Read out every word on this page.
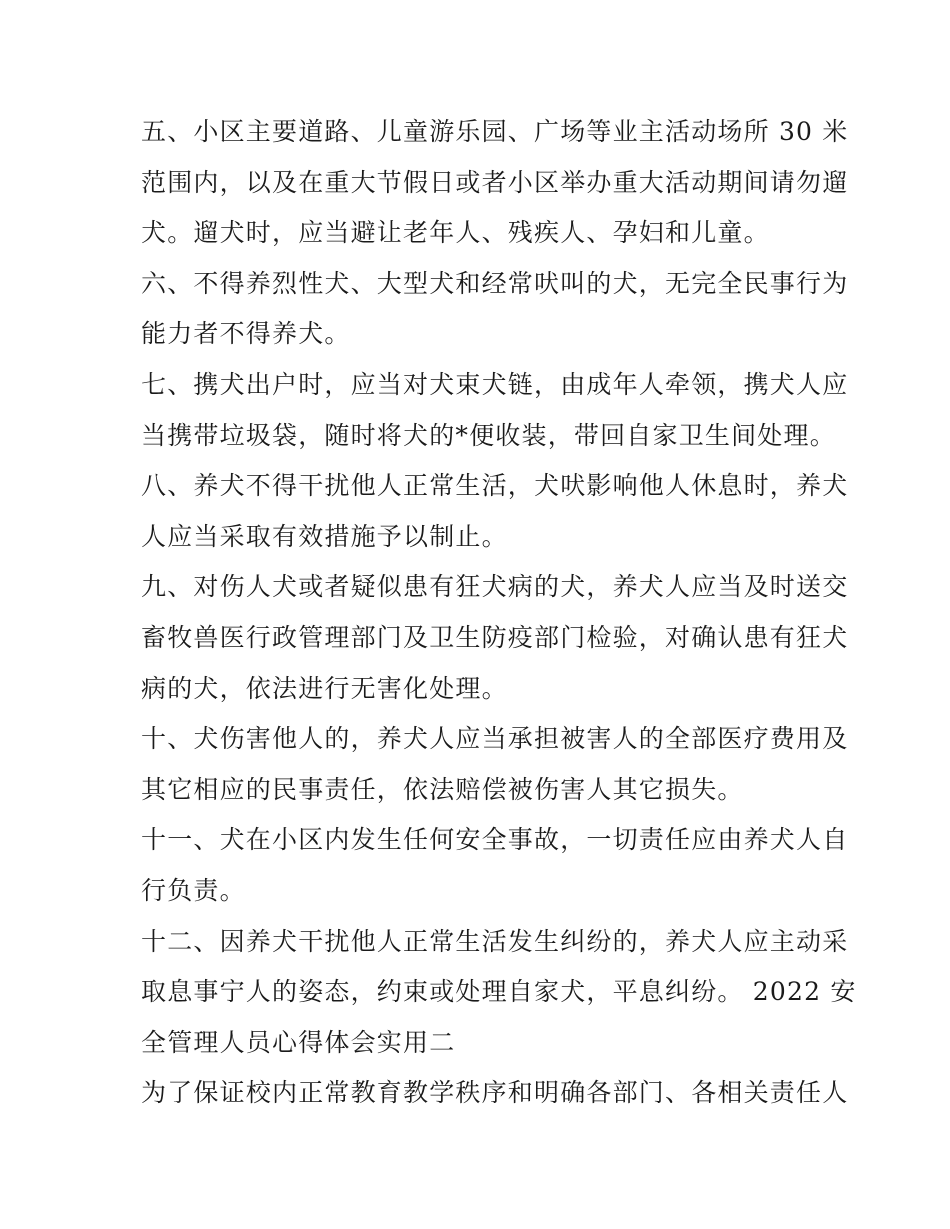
五、小区主要道路、儿童游乐园、广场等业主活动场所 30 米
范围内，以及在重大节假日或者小区举办重大活动期间请勿遛
犬。遛犬时，应当避让老年人、残疾人、孕妇和儿童。
六、不得养烈性犬、大型犬和经常吠叫的犬，无完全民事行为
能力者不得养犬。
七、携犬出户时，应当对犬束犬链，由成年人牵领，携犬人应
当携带垃圾袋，随时将犬的*便收装，带回自家卫生间处理。
八、养犬不得干扰他人正常生活，犬吠影响他人休息时，养犬
人应当采取有效措施予以制止。
九、对伤人犬或者疑似患有狂犬病的犬，养犬人应当及时送交
畜牧兽医行政管理部门及卫生防疫部门检验，对确认患有狂犬
病的犬，依法进行无害化处理。
十、犬伤害他人的，养犬人应当承担被害人的全部医疗费用及
其它相应的民事责任，依法赔偿被伤害人其它损失。
十一、犬在小区内发生任何安全事故，一切责任应由养犬人自
行负责。
十二、因养犬干扰他人正常生活发生纠纷的，养犬人应主动采
取息事宁人的姿态，约束或处理自家犬，平息纠纷。 2022 安
全管理人员心得体会实用二
为了保证校内正常教育教学秩序和明确各部门、各相关责任人
